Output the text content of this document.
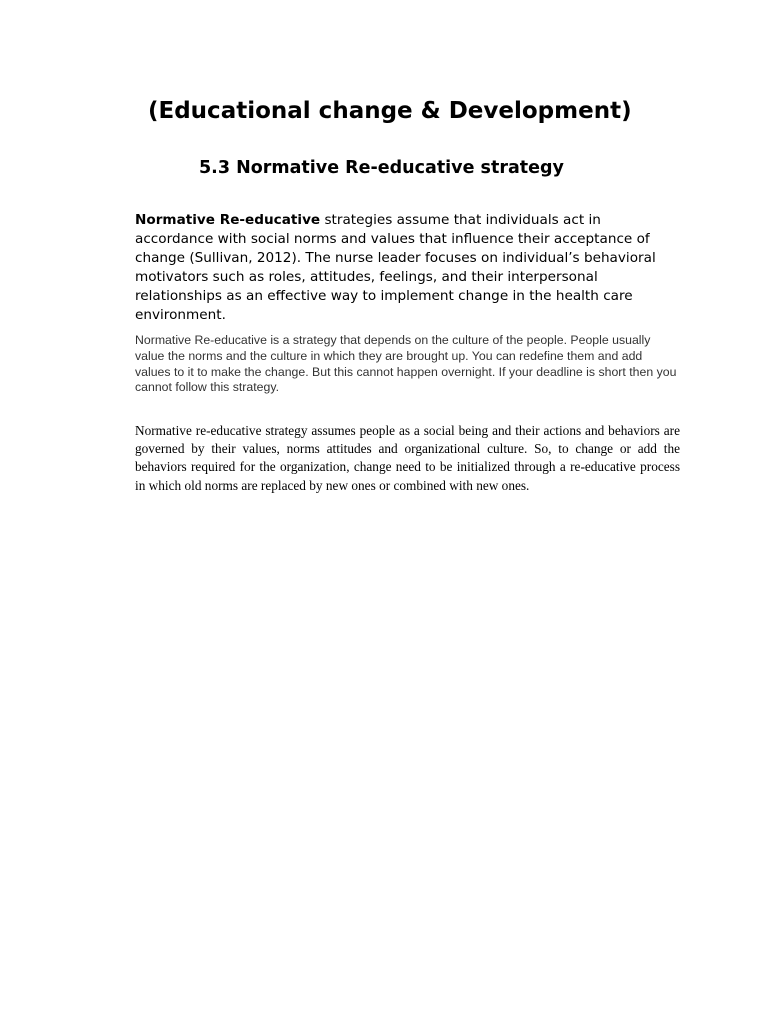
(Educational change & Development)
5.3 Normative Re-educative strategy

Normative Re-educative strategies assume that individuals act in accordance with social norms and values that influence their acceptance of change (Sullivan, 2012). The nurse leader focuses on individual’s behavioral motivators such as roles, attitudes, feelings, and their interpersonal relationships as an effective way to implement change in the health care environment.

Normative Re-educative is a strategy that depends on the culture of the people. People usually value the norms and the culture in which they are brought up. You can redefine them and add values to it to make the change. But this cannot happen overnight. If your deadline is short then you cannot follow this strategy.

Normative re-educative strategy assumes people as a social being and their actions and behaviors are governed by their values, norms attitudes and organizational culture. So, to change or add the behaviors required for the organization, change need to be initialized through a re-educative process in which old norms are replaced by new ones or combined with new ones.
